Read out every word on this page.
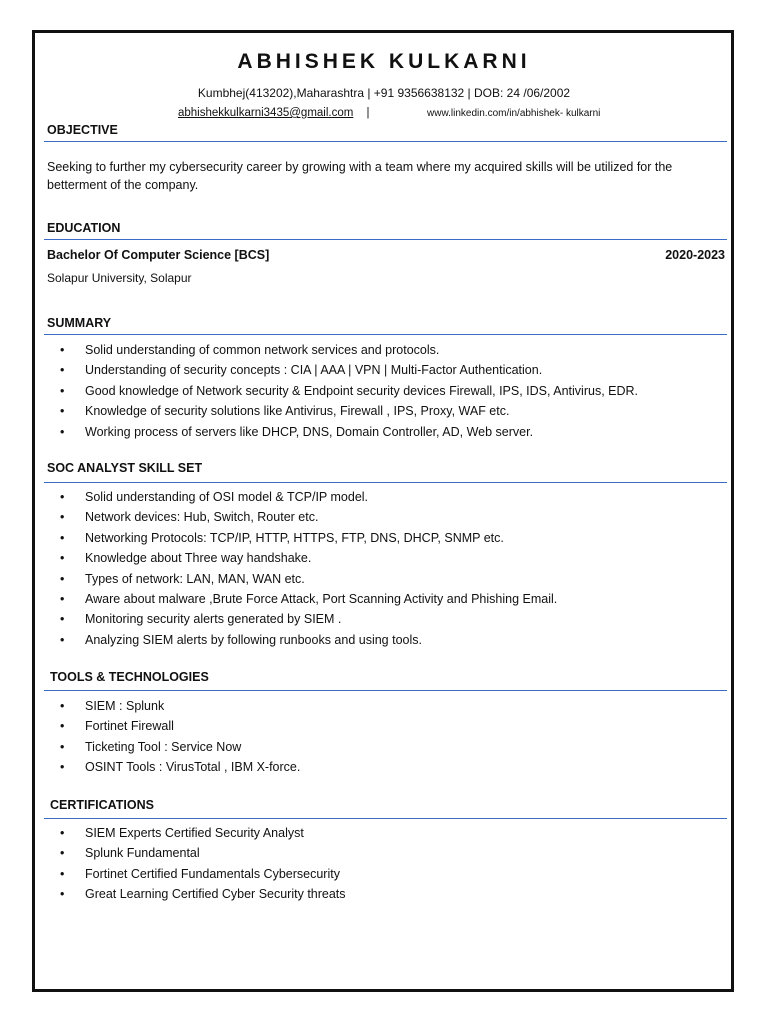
ABHISHEK KULKARNI
Kumbhej(413202),Maharashtra | +91 9356638132 | DOB: 24 /06/2002
abhishekkulkarni3435@gmail.com |	www.linkedin.com/in/abhishek- kulkarni
OBJECTIVE
Seeking to further my cybersecurity career by growing with a team where my acquired skills will be utilized for the betterment of the company.
EDUCATION
Bachelor Of Computer Science [BCS]	2020-2023
Solapur University, Solapur
SUMMARY
• Solid understanding of common network services and protocols.
• Understanding of security concepts : CIA | AAA | VPN | Multi-Factor Authentication.
• Good knowledge of Network security & Endpoint security devices Firewall, IPS, IDS, Antivirus, EDR.
• Knowledge of security solutions like Antivirus, Firewall , IPS, Proxy, WAF etc.
• Working process of servers like DHCP, DNS, Domain Controller, AD, Web server.
SOC ANALYST SKILL SET
• Solid understanding of OSI model & TCP/IP model.
• Network devices: Hub, Switch, Router etc.
• Networking Protocols: TCP/IP, HTTP, HTTPS, FTP, DNS, DHCP, SNMP etc.
• Knowledge about Three way handshake.
• Types of network: LAN, MAN, WAN etc.
• Aware about malware ,Brute Force Attack, Port Scanning Activity and Phishing Email.
• Monitoring security alerts generated by SIEM .
• Analyzing SIEM alerts by following runbooks and using tools.
TOOLS & TECHNOLOGIES
• SIEM : Splunk
• Fortinet Firewall
• Ticketing Tool : Service Now
• OSINT Tools : VirusTotal , IBM X-force.
CERTIFICATIONS
• SIEM Experts Certified Security Analyst
• Splunk Fundamental
• Fortinet Certified Fundamentals Cybersecurity
• Great Learning Certified Cyber Security threats
